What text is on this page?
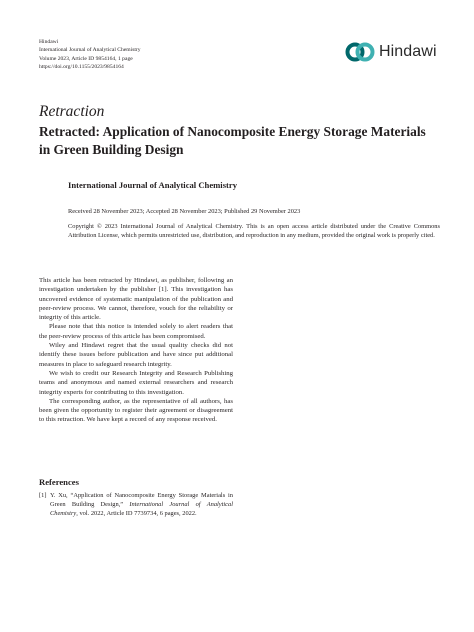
Hindawi
International Journal of Analytical Chemistry
Volume 2023, Article ID 9854164, 1 page
https://doi.org/10.1155/2023/9854164
Hindawi
Retraction
Retracted: Application of Nanocomposite Energy Storage Materials in Green Building Design
International Journal of Analytical Chemistry
Received 28 November 2023; Accepted 28 November 2023; Published 29 November 2023
Copyright © 2023 International Journal of Analytical Chemistry. This is an open access article distributed under the Creative Commons Attribution License, which permits unrestricted use, distribution, and reproduction in any medium, provided the original work is properly cited.

This article has been retracted by Hindawi, as publisher, following an investigation undertaken by the publisher [1]. This investigation has uncovered evidence of systematic manipulation of the publication and peer-review process. We cannot, therefore, vouch for the reliability or integrity of this article.

Please note that this notice is intended solely to alert readers that the peer-review process of this article has been compromised.

Wiley and Hindawi regret that the usual quality checks did not identify these issues before publication and have since put additional measures in place to safeguard research integrity.

We wish to credit our Research Integrity and Research Publishing teams and anonymous and named external researchers and research integrity experts for contributing to this investigation.

The corresponding author, as the representative of all authors, has been given the opportunity to register their agreement or disagreement to this retraction. We have kept a record of any response received.

References
[1] Y. Xu, “Application of Nanocomposite Energy Storage Materials in Green Building Design,” International Journal of Analytical Chemistry, vol. 2022, Article ID 7739734, 6 pages, 2022.
